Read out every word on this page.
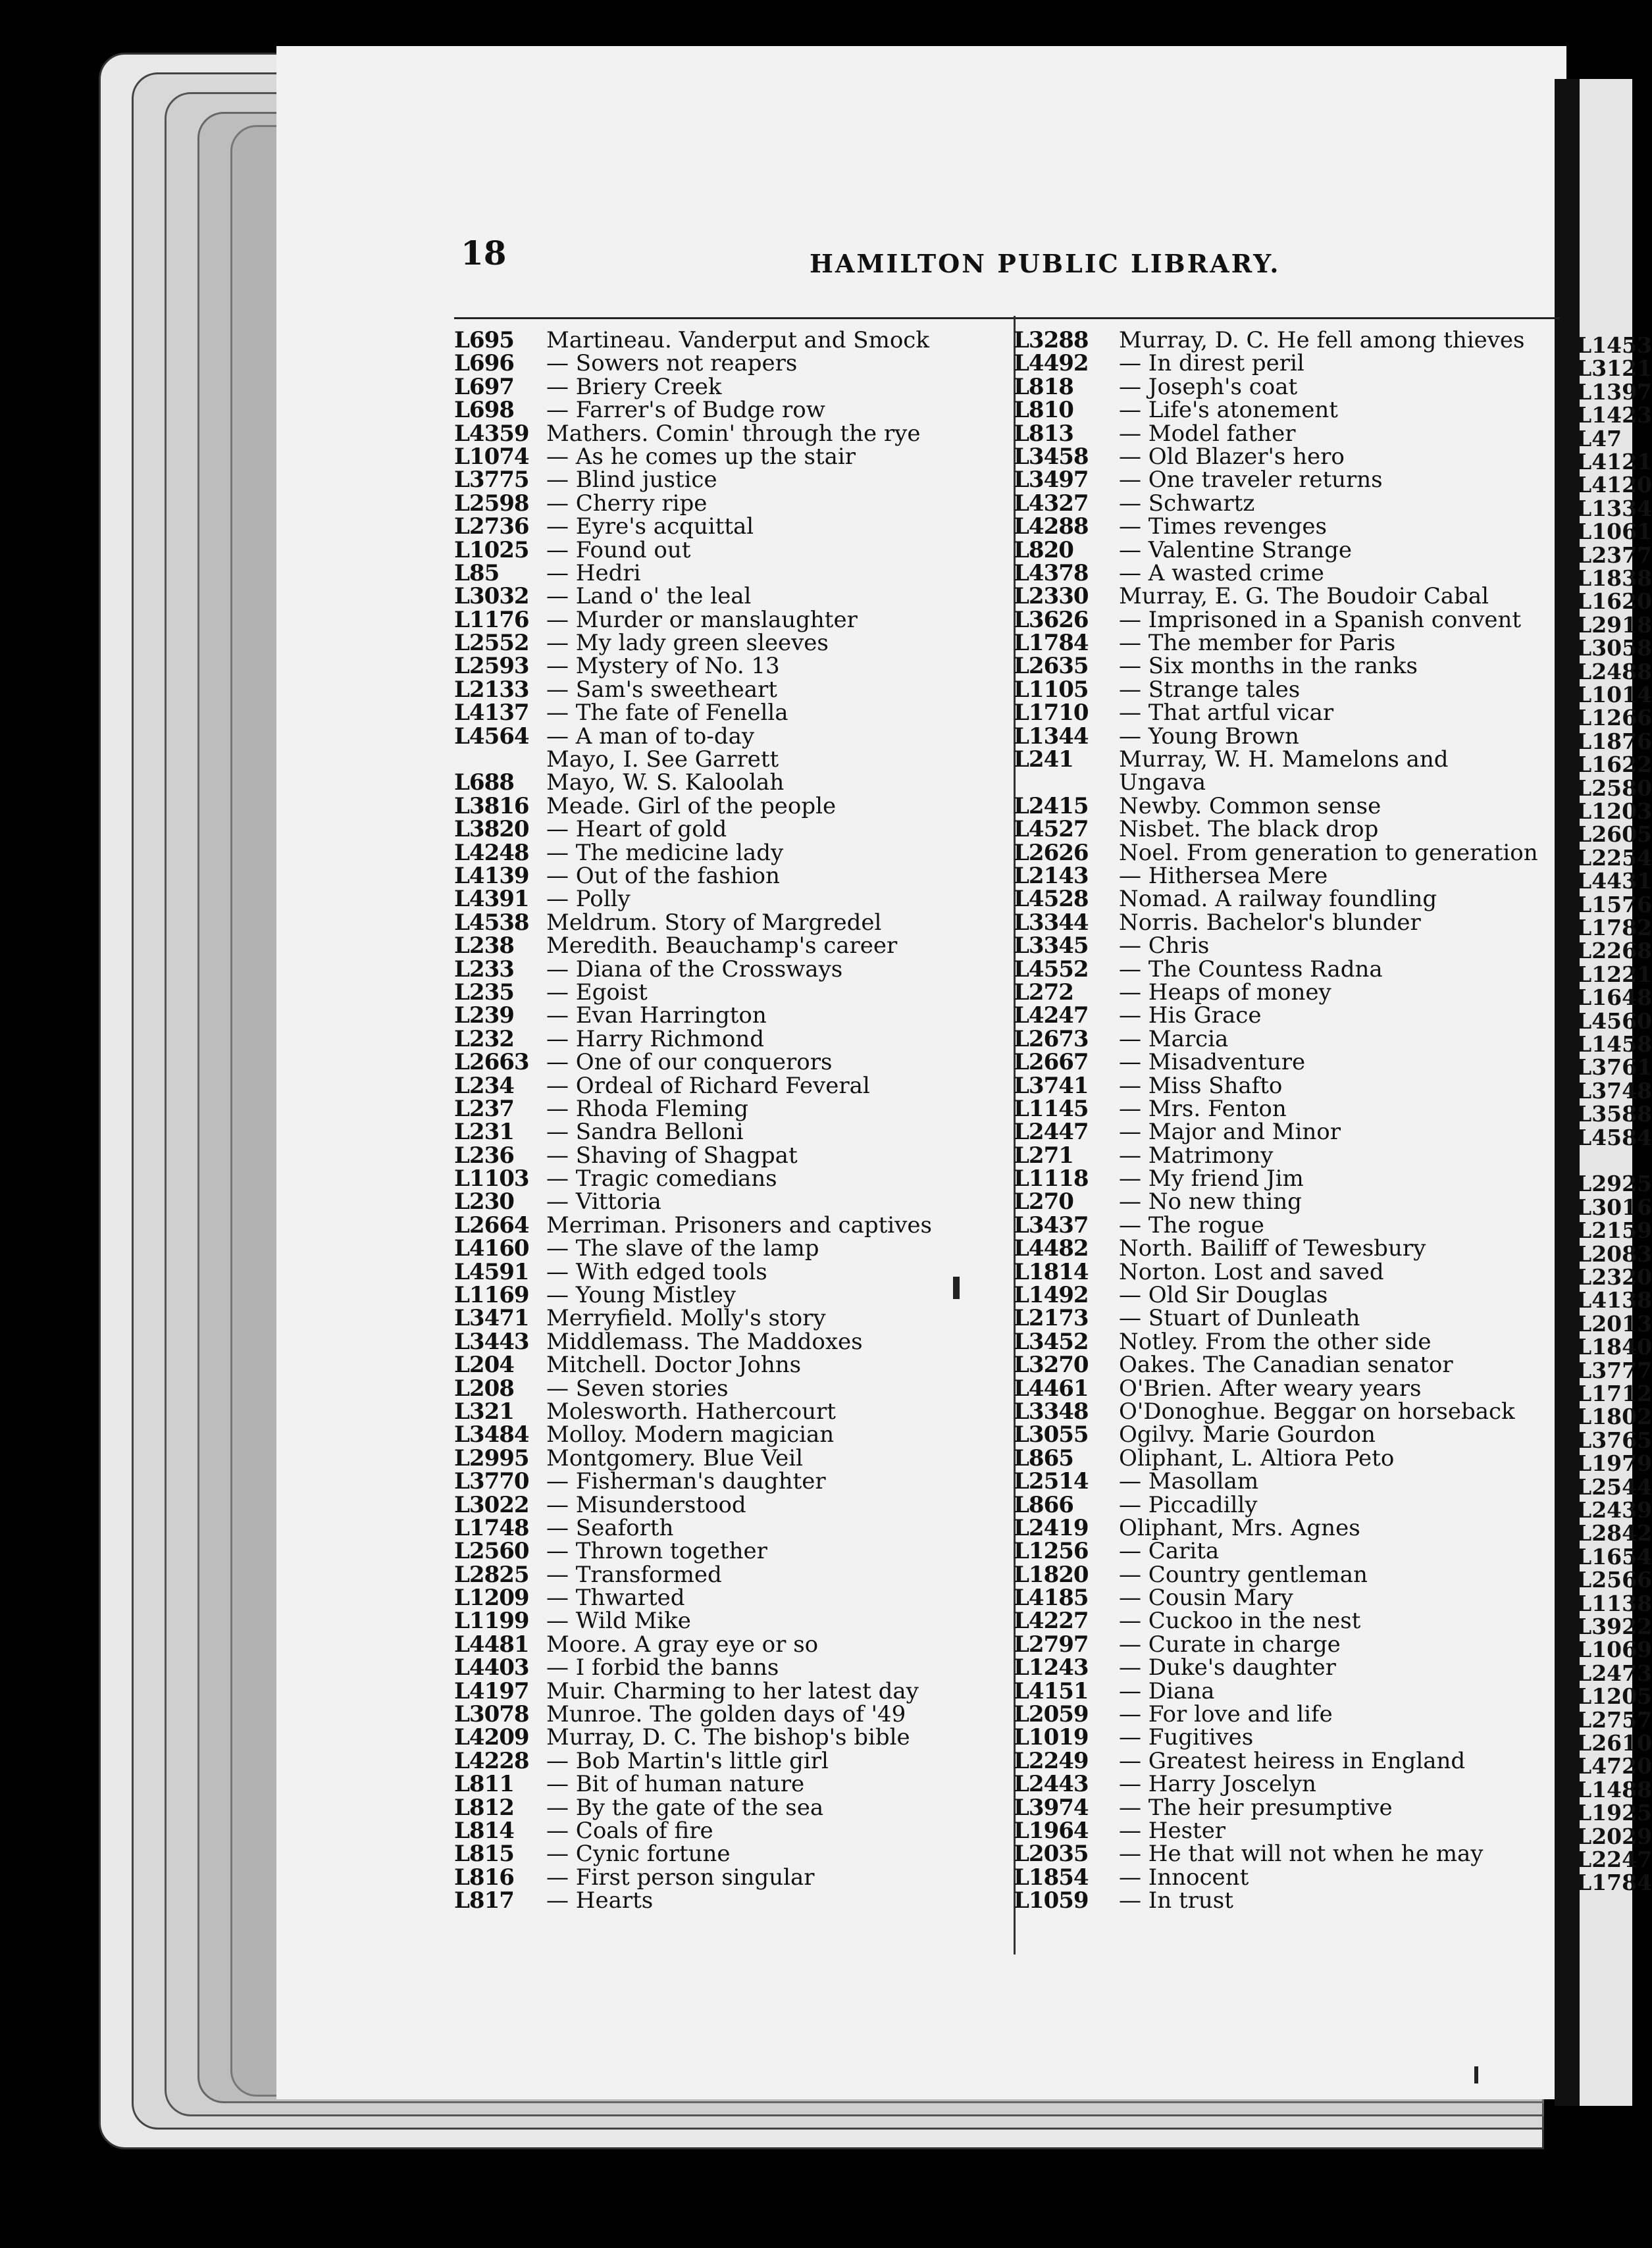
L1453
L3121
L1397
L1423
L47
L4121
L4120
L1334
L1061
L2377
L1838
L1620
L2918
L3058
L2488
L1014
L1266
L1876
L1622
L2580
L1203
L2605
L2254
L4431
L1576
L1782
L2268
L1221
L1648
L4560
L1458
L3761
L3748
L3588
L4584
L2925
L3016
L2159
L2083
L2320
L4138
L2013
L1840
L3777
L1712
L1802
L3765
L1979
L2544
L2439
L2842
L1654
L2566
L1138
L3922
L1069
L2473
L1205
L2757
L2610
L4720
L1488
L1925
L2029
L2247
L1784
18	HAMILTON PUBLIC LIBRARY.
L695 Martineau. Vanderput and Smock
L696 — Sowers not reapers
L697 — Briery Creek
L698 — Farrer's of Budge row
L4359 Mathers. Comin' through the rye
L1074 — As he comes up the stair
L3775 — Blind justice
L2598 — Cherry ripe
L2736 — Eyre's acquittal
L1025 — Found out
L85 — Hedri
L3032 — Land o' the leal
L1176 — Murder or manslaughter
L2552 — My lady green sleeves
L2593 — Mystery of No. 13
L2133 — Sam's sweetheart
L4137 — The fate of Fenella
L4564 — A man of to-day
Mayo, I. See Garrett
L688 Mayo, W. S. Kaloolah
L3816 Meade. Girl of the people
L3820 — Heart of gold
L4248 — The medicine lady
L4139 — Out of the fashion
L4391 — Polly
L4538 Meldrum. Story of Margredel
L238 Meredith. Beauchamp's career
L233 — Diana of the Crossways
L235 — Egoist
L239 — Evan Harrington
L232 — Harry Richmond
L2663 — One of our conquerors
L234 — Ordeal of Richard Feveral
L237 — Rhoda Fleming
L231 — Sandra Belloni
L236 — Shaving of Shagpat
L1103 — Tragic comedians
L230 — Vittoria
L2664 Merriman. Prisoners and captives
L4160 — The slave of the lamp
L4591 — With edged tools
L1169 — Young Mistley
L3471 Merryfield. Molly's story
L3443 Middlemass. The Maddoxes
L204 Mitchell. Doctor Johns
L208 — Seven stories
L321 Molesworth. Hathercourt
L3484 Molloy. Modern magician
L2995 Montgomery. Blue Veil
L3770 — Fisherman's daughter
L3022 — Misunderstood
L1748 — Seaforth
L2560 — Thrown together
L2825 — Transformed
L1209 — Thwarted
L1199 — Wild Mike
L4481 Moore. A gray eye or so
L4403 — I forbid the banns
L4197 Muir. Charming to her latest day
L3078 Munroe. The golden days of '49
L4209 Murray, D. C. The bishop's bible
L4228 — Bob Martin's little girl
L811 — Bit of human nature
L812 — By the gate of the sea
L814 — Coals of fire
L815 — Cynic fortune
L816 — First person singular
L817 — Hearts
L3288 Murray, D. C. He fell among thieves
L4492 — In direst peril
L818 — Joseph's coat
L810 — Life's atonement
L813 — Model father
L3458 — Old Blazer's hero
L3497 — One traveler returns
L4327 — Schwartz
L4288 — Times revenges
L820 — Valentine Strange
L4378 — A wasted crime
L2330 Murray, E. G. The Boudoir Cabal
L3626 — Imprisoned in a Spanish convent
L1784 — The member for Paris
L2635 — Six months in the ranks
L1105 — Strange tales
L1710 — That artful vicar
L1344 — Young Brown
L241 Murray, W. H. Mamelons and
Ungava
L2415 Newby. Common sense
L4527 Nisbet. The black drop
L2626 Noel. From generation to generation
L2143 — Hithersea Mere
L4528 Nomad. A railway foundling
L3344 Norris. Bachelor's blunder
L3345 — Chris
L4552 — The Countess Radna
L272 — Heaps of money
L4247 — His Grace
L2673 — Marcia
L2667 — Misadventure
L3741 — Miss Shafto
L1145 — Mrs. Fenton
L2447 — Major and Minor
L271 — Matrimony
L1118 — My friend Jim
L270 — No new thing
L3437 — The rogue
L4482 North. Bailiff of Tewesbury
L1814 Norton. Lost and saved
L1492 — Old Sir Douglas
L2173 — Stuart of Dunleath
L3452 Notley. From the other side
L3270 Oakes. The Canadian senator
L4461 O'Brien. After weary years
L3348 O'Donoghue. Beggar on horseback
L3055 Ogilvy. Marie Gourdon
L865 Oliphant, L. Altiora Peto
L2514 — Masollam
L866 — Piccadilly
L2419 Oliphant, Mrs. Agnes
L1256 — Carita
L1820 — Country gentleman
L4185 — Cousin Mary
L4227 — Cuckoo in the nest
L2797 — Curate in charge
L1243 — Duke's daughter
L4151 — Diana
L2059 — For love and life
L1019 — Fugitives
L2249 — Greatest heiress in England
L2443 — Harry Joscelyn
L3974 — The heir presumptive
L1964 — Hester
L2035 — He that will not when he may
L1854 — Innocent
L1059 — In trust
